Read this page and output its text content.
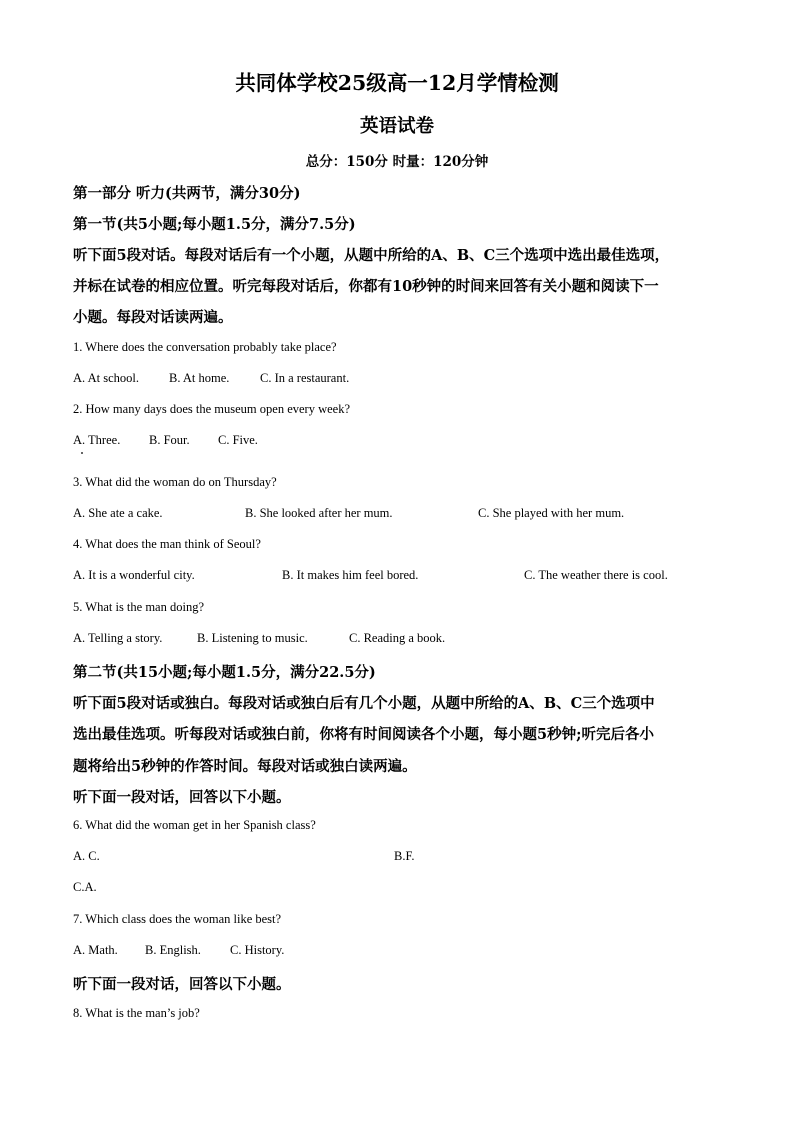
共同体学校25级高一12月学情检测
英语试卷
总分：150分 时量：120分钟
第一部分 听力(共两节，满分30分)
第一节(共5小题;每小题1.5分，满分7.5分)
听下面5段对话。每段对话后有一个小题，从题中所给的A、B、C三个选项中选出最佳选项，
并标在试卷的相应位置。听完每段对话后，你都有10秒钟的时间来回答有关小题和阅读下一
小题。每段对话读两遍。
1. Where does the conversation probably take place?
A. At school. B. At home. C. In a restaurant.
2. How many days does the museum open every week?
A. Three. B. Four. C. Five.
3. What did the woman do on Thursday?
A. She ate a cake.	B. She looked after her mum.	C. She played with her mum.
4. What does the man think of Seoul?
A. It is a wonderful city.	B. It makes him feel bored.	C. The weather there is cool.
5. What is the man doing?
A. Telling a story.	B. Listening to music.	C. Reading a book.
第二节(共15小题;每小题1.5分，满分22.5分)
听下面5段对话或独白。每段对话或独白后有几个小题，从题中所给的A、B、C三个选项中
选出最佳选项。听每段对话或独白前，你将有时间阅读各个小题，每小题5秒钟;听完后各小
题将给出5秒钟的作答时间。每段对话或独白读两遍。
听下面一段对话，回答以下小题。
6. What did the woman get in her Spanish class?
A. C.	B.F.
C.A.
7. Which class does the woman like best?
A. Math. B. English. C. History.
听下面一段对话，回答以下小题。
8. What is the man’s job?
